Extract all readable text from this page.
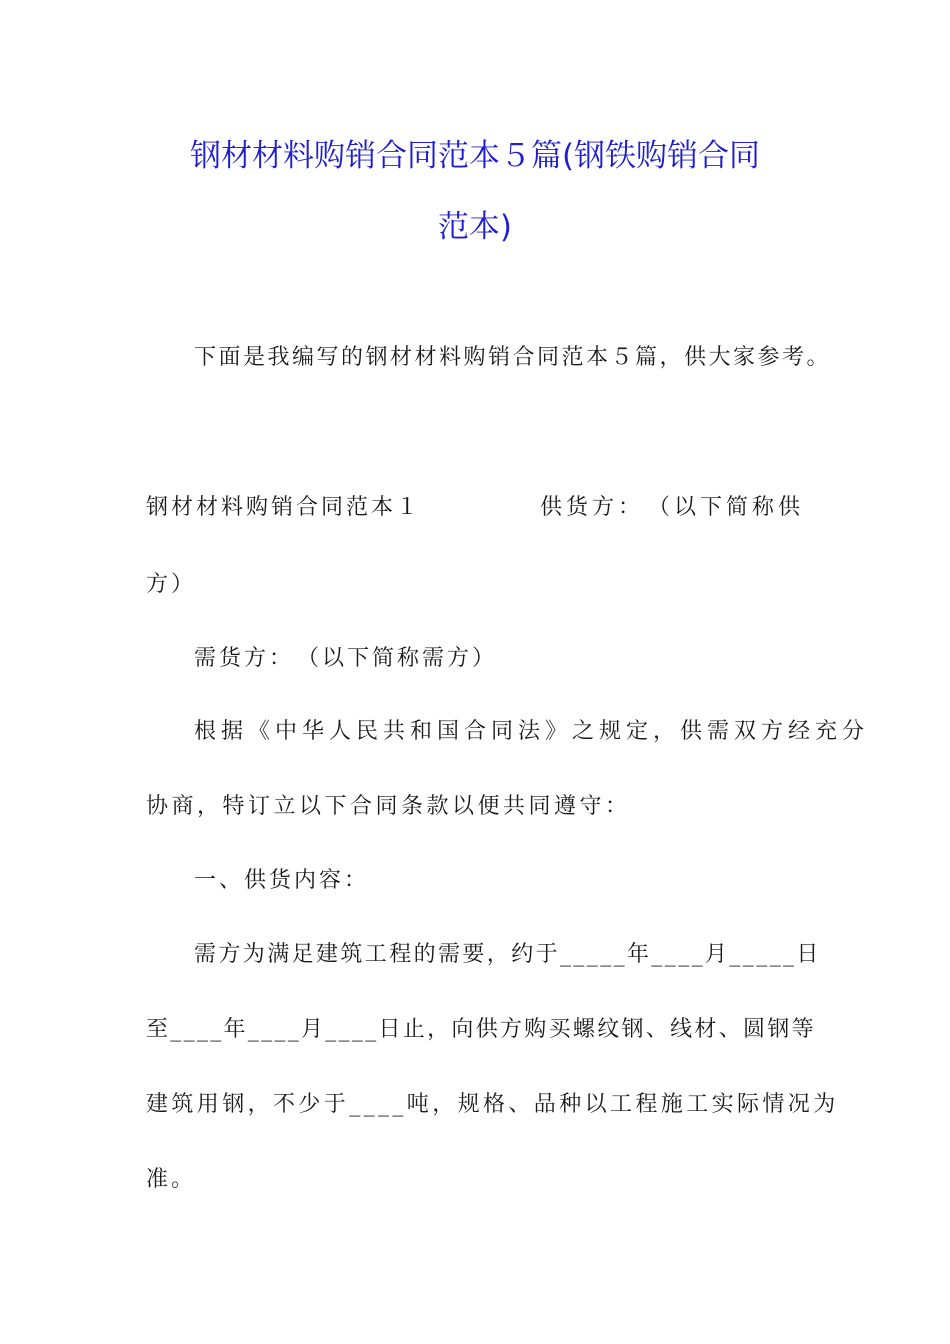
钢材材料购销合同范本５篇(钢铁购销合同
范本)
下面是我编写的钢材材料购销合同范本５篇，供大家参考。
钢材材料购销合同范本１	供货方：　（以下简称供
方）
需货方：　（以下简称需方）
根据《中华人民共和国合同法》之规定，供需双方经充分
协商，特订立以下合同条款以便共同遵守：
一、供货内容：
需方为满足建筑工程的需要，约于_____年____月_____日
至____年____月____日止，向供方购买螺纹钢、线材、圆钢等
建筑用钢，不少于____吨，规格、品种以工程施工实际情况为
准。
